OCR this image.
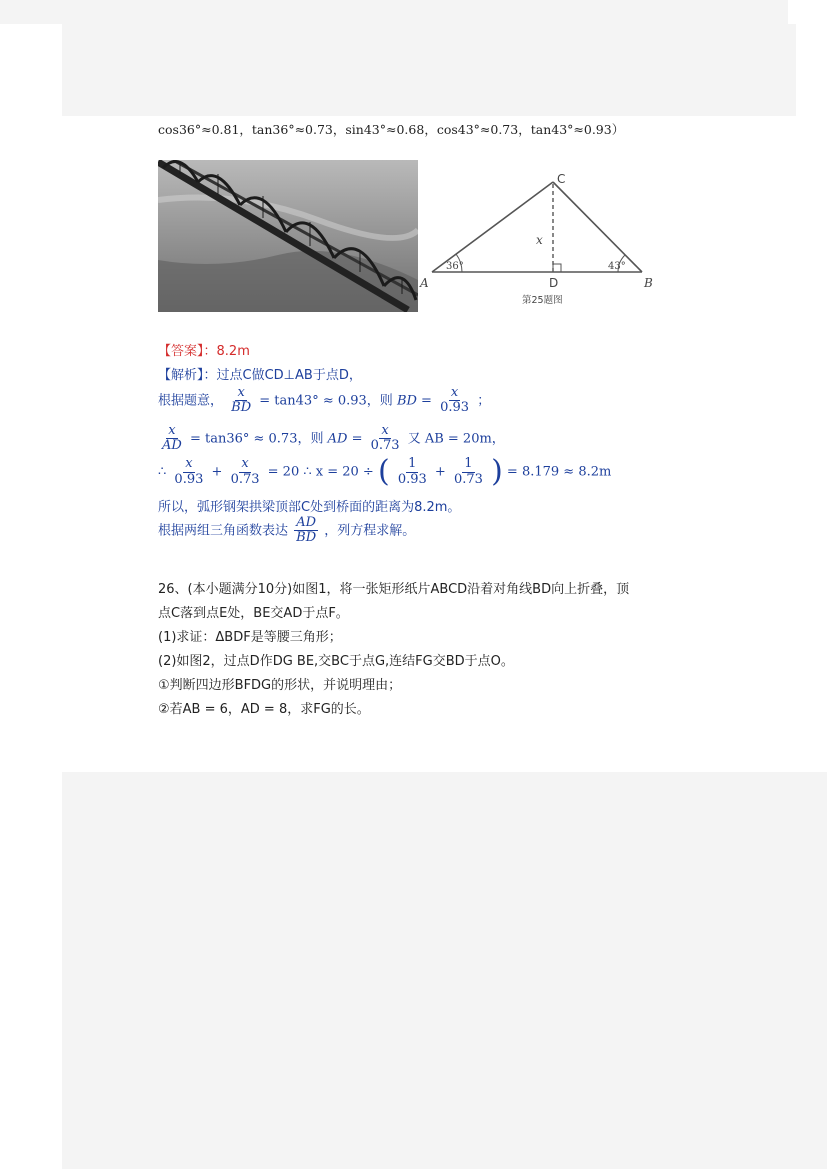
cos36°≈0.81，tan36°≈0.73，sin43°≈0.68，cos43°≈0.73，tan43°≈0.93）
C
A	B
D
x
36°	43°
第25题图
【答案】：8.2m
【解析】：过点C做CD⊥AB于点D，
根据题意， $\frac{x}{BD} = \tan 43^\circ \approx 0.93$，则 BD = $\frac{x}{0.93}$ ；
$\frac{x}{AD} = \tan 36^\circ \approx 0.73$，则 AD = $\frac{x}{0.73}$ 又 AB = 20m，
∴ $\frac{x}{0.93} + \frac{x}{0.73} = 20$ ∴ x = 20 ÷ ( $\frac{1}{0.93} + \frac{1}{0.73}$ ) = 8.179 ≈ 8.2m
所以，弧形钢架拱梁顶部C处到桥面的距离为8.2m。
根据两组三角函数表达 $\frac{AD}{BD}$ ，列方程求解。
26、(本小题满分10分)如图1，将一张矩形纸片ABCD沿着对角线BD向上折叠，顶
点C落到点E处，BE交AD于点F。
(1)求证：ΔBDF是等腰三角形；
(2)如图2，过点D作DG BE,交BC于点G,连结FG交BD于点O。
①判断四边形BFDG的形状，并说明理由；
②若AB = 6，AD = 8，求FG的长。
